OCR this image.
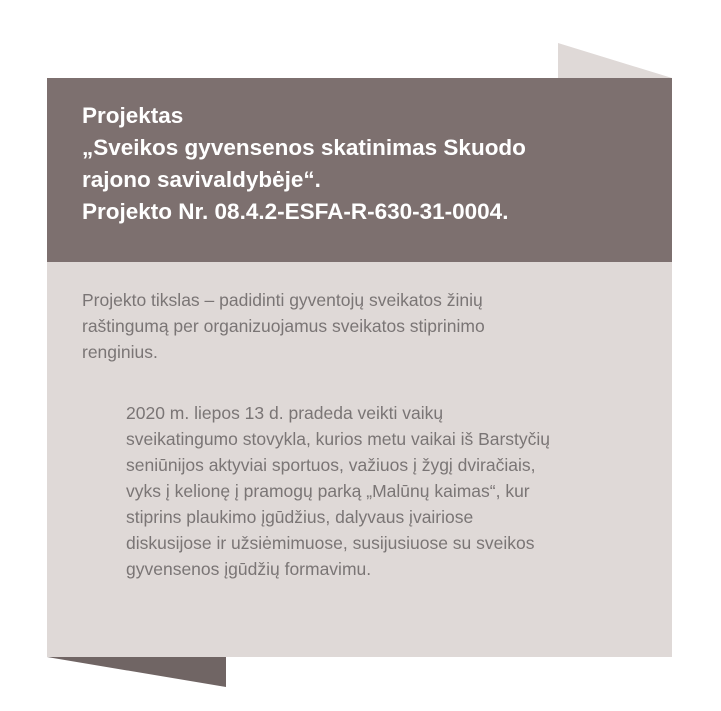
Projektas
„Sveikos gyvensenos skatinimas Skuodo
rajono savivaldybėje“.
Projekto Nr. 08.4.2-ESFA-R-630-31-0004.
Projekto tikslas – padidinti gyventojų sveikatos žinių
raštingumą per organizuojamus sveikatos stiprinimo
renginius.
2020 m. liepos 13 d. pradeda veikti vaikų
sveikatingumo stovykla, kurios metu vaikai iš Barstyčių
seniūnijos aktyviai sportuos, važiuos į žygį dviračiais,
vyks į kelionę į pramogų parką „Malūnų kaimas“, kur
stiprins plaukimo įgūdžius, dalyvaus įvairiose
diskusijose ir užsiėmimuose, susijusiuose su sveikos
gyvensenos įgūdžių formavimu.
